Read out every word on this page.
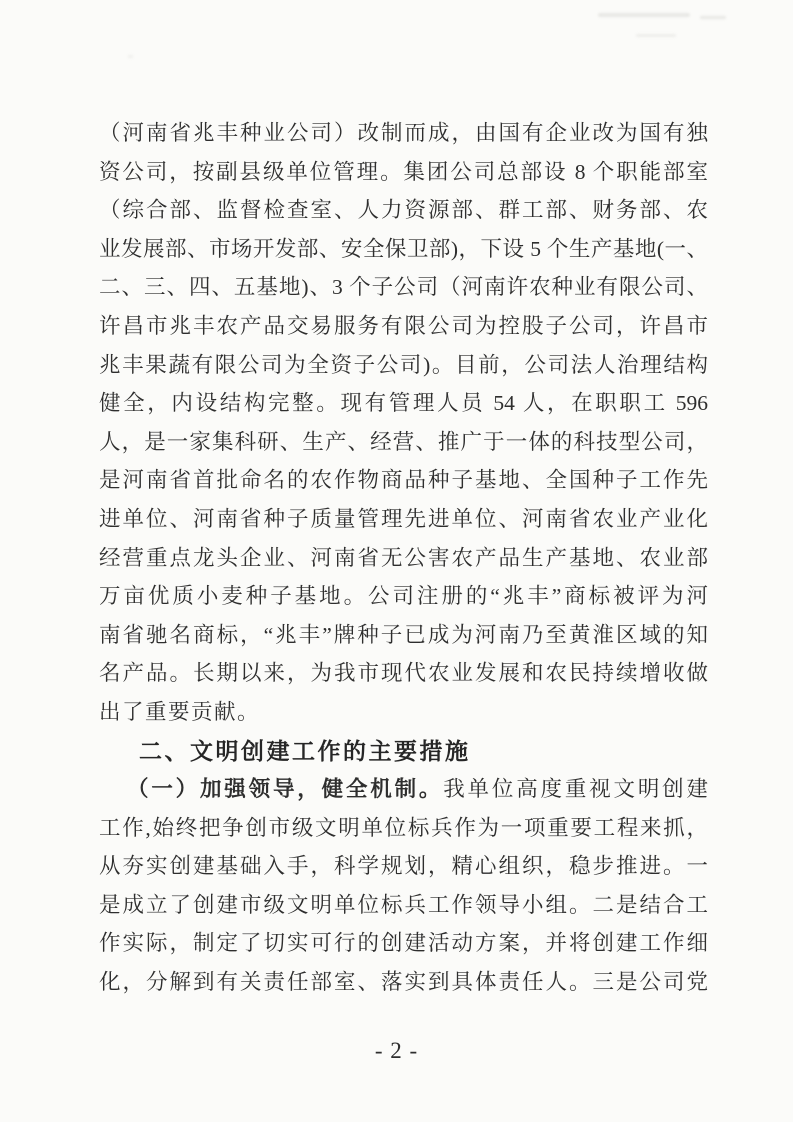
（河南省兆丰种业公司）改制而成，由国有企业改为国有独
资公司，按副县级单位管理。集团公司总部设 8 个职能部室
（综合部、监督检查室、人力资源部、群工部、财务部、农
业发展部、市场开发部、安全保卫部)，下设 5 个生产基地(一、
二、三、四、五基地)、3 个子公司（河南许农种业有限公司、
许昌市兆丰农产品交易服务有限公司为控股子公司，许昌市
兆丰果蔬有限公司为全资子公司)。目前，公司法人治理结构
健全，内设结构完整。现有管理人员 54 人，在职职工 596
人，是一家集科研、生产、经营、推广于一体的科技型公司，
是河南省首批命名的农作物商品种子基地、全国种子工作先
进单位、河南省种子质量管理先进单位、河南省农业产业化
经营重点龙头企业、河南省无公害农产品生产基地、农业部
万亩优质小麦种子基地。公司注册的“兆丰”商标被评为河
南省驰名商标，“兆丰”牌种子已成为河南乃至黄淮区域的知
名产品。长期以来，为我市现代农业发展和农民持续增收做
出了重要贡献。
二、文明创建工作的主要措施
（一）加强领导，健全机制。我单位高度重视文明创建
工作,始终把争创市级文明单位标兵作为一项重要工程来抓，
从夯实创建基础入手，科学规划，精心组织，稳步推进。一
是成立了创建市级文明单位标兵工作领导小组。二是结合工
作实际，制定了切实可行的创建活动方案，并将创建工作细
化，分解到有关责任部室、落实到具体责任人。三是公司党
- 2 -
